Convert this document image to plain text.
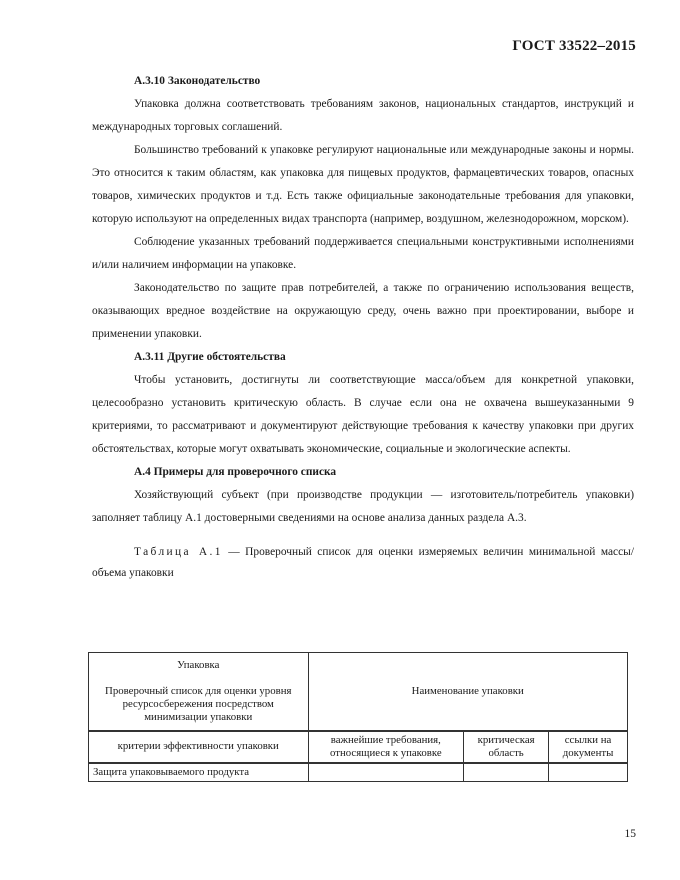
ГОСТ 33522–2015

А.3.10 Законодательство

Упаковка должна соответствовать требованиям законов, национальных стандартов, инструкций и международных торговых соглашений.

Большинство требований к упаковке регулируют национальные или международные законы и нормы. Это относится к таким областям, как упаковка для пищевых продуктов, фармацевтических товаров, опасных товаров, химических продуктов и т.д. Есть также официальные законодательные требования для упаковки, которую используют на определенных видах транспорта (например, воздушном, железнодорожном, морском).

Соблюдение указанных требований поддерживается специальными конструктивными исполнениями и/или наличием информации на упаковке.

Законодательство по защите прав потребителей, а также по ограничению использования веществ, оказывающих вредное воздействие на окружающую среду, очень важно при проектировании, выборе и применении упаковки.

А.3.11 Другие обстоятельства

Чтобы установить, достигнуты ли соответствующие масса/объем для конкретной упаковки, целесообразно установить критическую область. В случае если она не охвачена вышеуказанными 9 критериями, то рассматривают и документируют действующие требования к качеству упаковки при других обстоятельствах, которые могут охватывать экономические, социальные и экологические аспекты.

А.4 Примеры для проверочного списка

Хозяйствующий субъект (при производстве продукции — изготовитель/потребитель упаковки) заполняет таблицу А.1 достоверными сведениями на основе анализа данных раздела А.3.

Таблица А.1 — Проверочный список для оценки измеряемых величин минимальной массы/объема упаковки

Упаковка
Проверочный список для оценки уровня ресурсосбережения посредством минимизации упаковки	Наименование упаковки		
критерии эффективности упаковки	важнейшие требования, относящиеся к упаковке	критическая область	ссылки на документы
Защита упаковываемого продукта			
15
